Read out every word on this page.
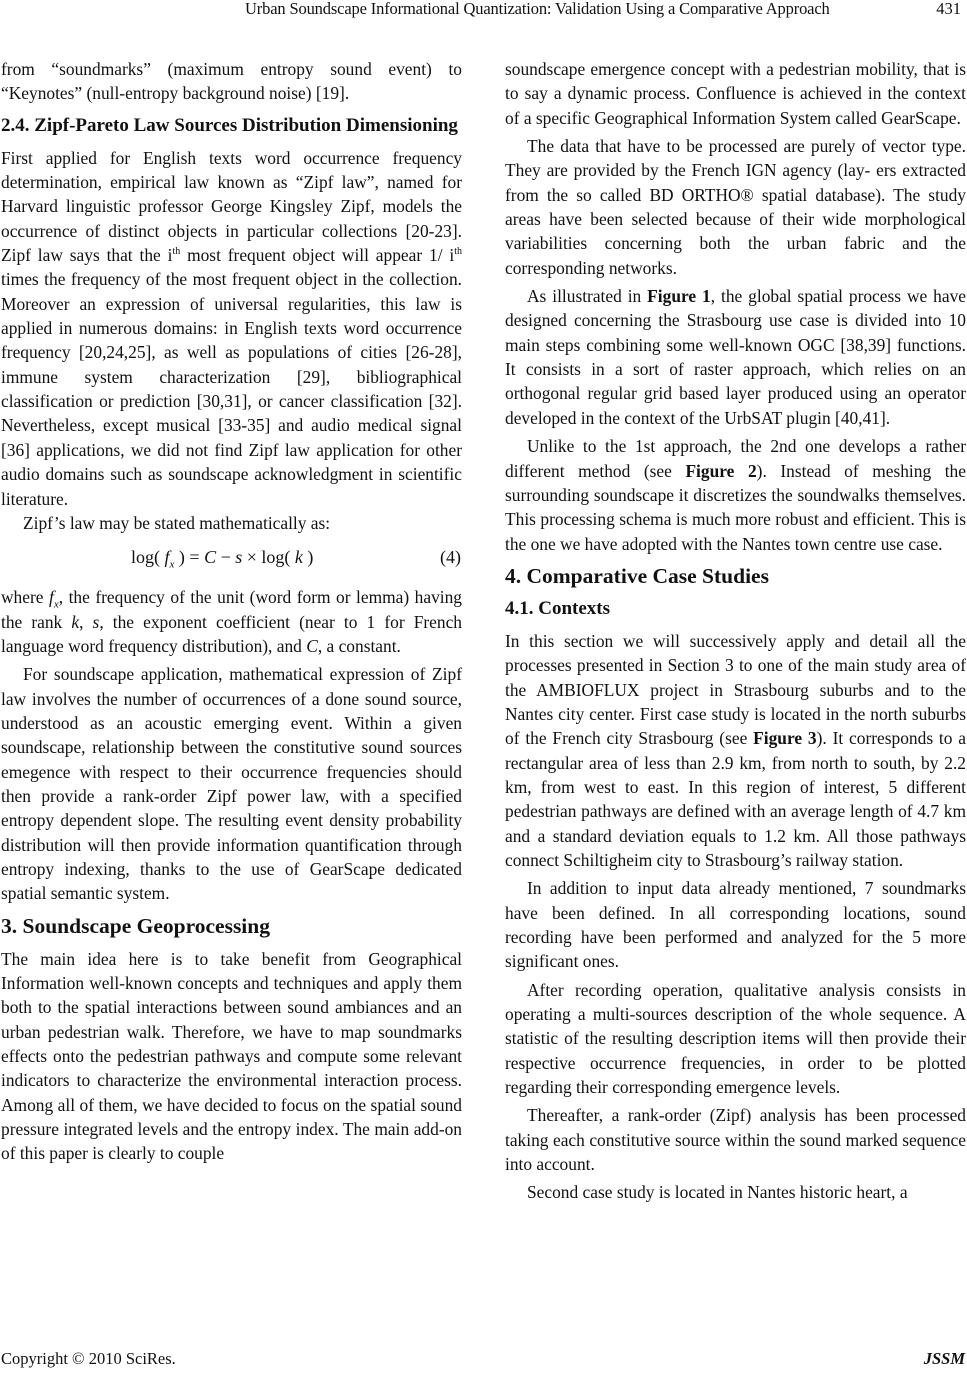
Urban Soundscape Informational Quantization: Validation Using a Comparative Approach	431

from “soundmarks” (maximum entropy sound event) to “Keynotes” (null-entropy background noise) [19].

2.4. Zipf-Pareto Law Sources Distribution Dimensioning

First applied for English texts word occurrence frequency determination, empirical law known as “Zipf law”, named for Harvard linguistic professor George Kingsley Zipf, models the occurrence of distinct objects in particular collections [20-23]. Zipf law says that the $i^{th}$ most frequent object will appear 1/ $i^{th}$ times the frequency of the most frequent object in the collection. Moreover an expression of universal regularities, this law is applied in numerous domains: in English texts word occurrence frequency [20,24,25], as well as populations of cities [26-28], immune system characterization [29], bibliographical classification or prediction [30,31], or cancer classification [32]. Nevertheless, except musical [33-35] and audio medical signal [36] applications, we did not find Zipf law application for other audio domains such as soundscape acknowledgment in scientific literature.

Zipf’s law may be stated mathematically as:

log( $f_x$ ) = C − s × log( k )	(4)

where $f_x$, the frequency of the unit (word form or lemma) having the rank k, s, the exponent coefficient (near to 1 for French language word frequency distribution), and C, a constant.

For soundscape application, mathematical expression of Zipf law involves the number of occurrences of a done sound source, understood as an acoustic emerging event. Within a given soundscape, relationship between the constitutive sound sources emegence with respect to their occurrence frequencies should then provide a rank-order Zipf power law, with a specified entropy dependent slope. The resulting event density probability distribution will then provide information quantification through entropy indexing, thanks to the use of GearScape dedicated spatial semantic system.

3. Soundscape Geoprocessing

The main idea here is to take benefit from Geographical Information well-known concepts and techniques and apply them both to the spatial interactions between sound ambiances and an urban pedestrian walk. Therefore, we have to map soundmarks effects onto the pedestrian pathways and compute some relevant indicators to characterize the environmental interaction process. Among all of them, we have decided to focus on the spatial sound pressure integrated levels and the entropy index. The main add-on of this paper is clearly to couple

soundscape emergence concept with a pedestrian mobility, that is to say a dynamic process. Confluence is achieved in the context of a specific Geographical Information System called GearScape.

The data that have to be processed are purely of vector type. They are provided by the French IGN agency (lay- ers extracted from the so called BD ORTHO® spatial database). The study areas have been selected because of their wide morphological variabilities concerning both the urban fabric and the corresponding networks.

As illustrated in Figure 1, the global spatial process we have designed concerning the Strasbourg use case is divided into 10 main steps combining some well-known OGC [38,39] functions. It consists in a sort of raster approach, which relies on an orthogonal regular grid based layer produced using an operator developed in the context of the UrbSAT plugin [40,41].

Unlike to the 1st approach, the 2nd one develops a rather different method (see Figure 2). Instead of meshing the surrounding soundscape it discretizes the soundwalks themselves. This processing schema is much more robust and efficient. This is the one we have adopted with the Nantes town centre use case.

4. Comparative Case Studies
4.1. Contexts

In this section we will successively apply and detail all the processes presented in Section 3 to one of the main study area of the AMBIOFLUX project in Strasbourg suburbs and to the Nantes city center. First case study is located in the north suburbs of the French city Strasbourg (see Figure 3). It corresponds to a rectangular area of less than 2.9 km, from north to south, by 2.2 km, from west to east. In this region of interest, 5 different pedestrian pathways are defined with an average length of 4.7 km and a standard deviation equals to 1.2 km. All those pathways connect Schiltigheim city to Strasbourg’s railway station.

In addition to input data already mentioned, 7 soundmarks have been defined. In all corresponding locations, sound recording have been performed and analyzed for the 5 more significant ones.

After recording operation, qualitative analysis consists in operating a multi-sources description of the whole sequence. A statistic of the resulting description items will then provide their respective occurrence frequencies, in order to be plotted regarding their corresponding emergence levels.

Thereafter, a rank-order (Zipf) analysis has been processed taking each constitutive source within the sound marked sequence into account.

Second case study is located in Nantes historic heart, a

Copyright © 2010 SciRes.	JSSM
